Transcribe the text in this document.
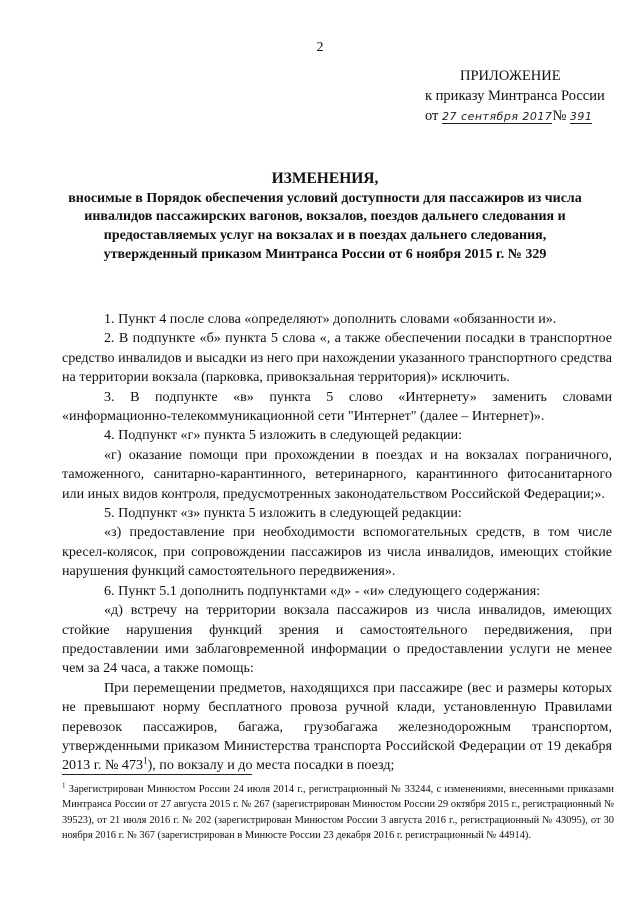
2
ПРИЛОЖЕНИЕ
к приказу Минтранса России
от 27 сентября 2017№ 391
ИЗМЕНЕНИЯ,
вносимые в Порядок обеспечения условий доступности для пассажиров из числа инвалидов пассажирских вагонов, вокзалов, поездов дальнего следования и предоставляемых услуг на вокзалах и в поездах дальнего следования, утвержденный приказом Минтранса России от 6 ноября 2015 г. № 329

1. Пункт 4 после слова «определяют» дополнить словами «обязанности и».

2. В подпункте «б» пункта 5 слова «, а также обеспечении посадки в транспортное средство инвалидов и высадки из него при нахождении указанного транспортного средства на территории вокзала (парковка, привокзальная территория)» исключить.

3. В подпункте «в» пункта 5 слово «Интернету» заменить словами «информационно-телекоммуникационной сети "Интернет" (далее – Интернет)».

4. Подпункт «г» пункта 5 изложить в следующей редакции:

«г) оказание помощи при прохождении в поездах и на вокзалах пограничного, таможенного, санитарно-карантинного, ветеринарного, карантинного фитосанитарного или иных видов контроля, предусмотренных законодательством Российской Федерации;».

5. Подпункт «з» пункта 5 изложить в следующей редакции:

«з) предоставление при необходимости вспомогательных средств, в том числе кресел-колясок, при сопровождении пассажиров из числа инвалидов, имеющих стойкие нарушения функций самостоятельного передвижения».

6. Пункт 5.1 дополнить подпунктами «д» - «и» следующего содержания:

«д) встречу на территории вокзала пассажиров из числа инвалидов, имеющих стойкие нарушения функций зрения и самостоятельного передвижения, при предоставлении ими заблаговременной информации о предоставлении услуги не менее чем за 24 часа, а также помощь:

При перемещении предметов, находящихся при пассажире (вес и размеры которых не превышают норму бесплатного провоза ручной клади, установленную Правилами перевозок пассажиров, багажа, грузобагажа железнодорожным транспортом, утвержденными приказом Министерства транспорта Российской Федерации от 19 декабря 2013 г. № $473^1$), по вокзалу и до места посадки в поезд;

$^1$ Зарегистрирован Минюстом России 24 июля 2014 г., регистрационный № 33244, с изменениями, внесенными приказами Минтранса России от 27 августа 2015 г. № 267 (зарегистрирован Минюстом России 29 октября 2015 г., регистрационный № 39523), от 21 июля 2016 г. № 202 (зарегистрирован Минюстом России 3 августа 2016 г., регистрационный № 43095), от 30 ноября 2016 г. № 367 (зарегистрирован в Минюсте России 23 декабря 2016 г. регистрационный № 44914).
